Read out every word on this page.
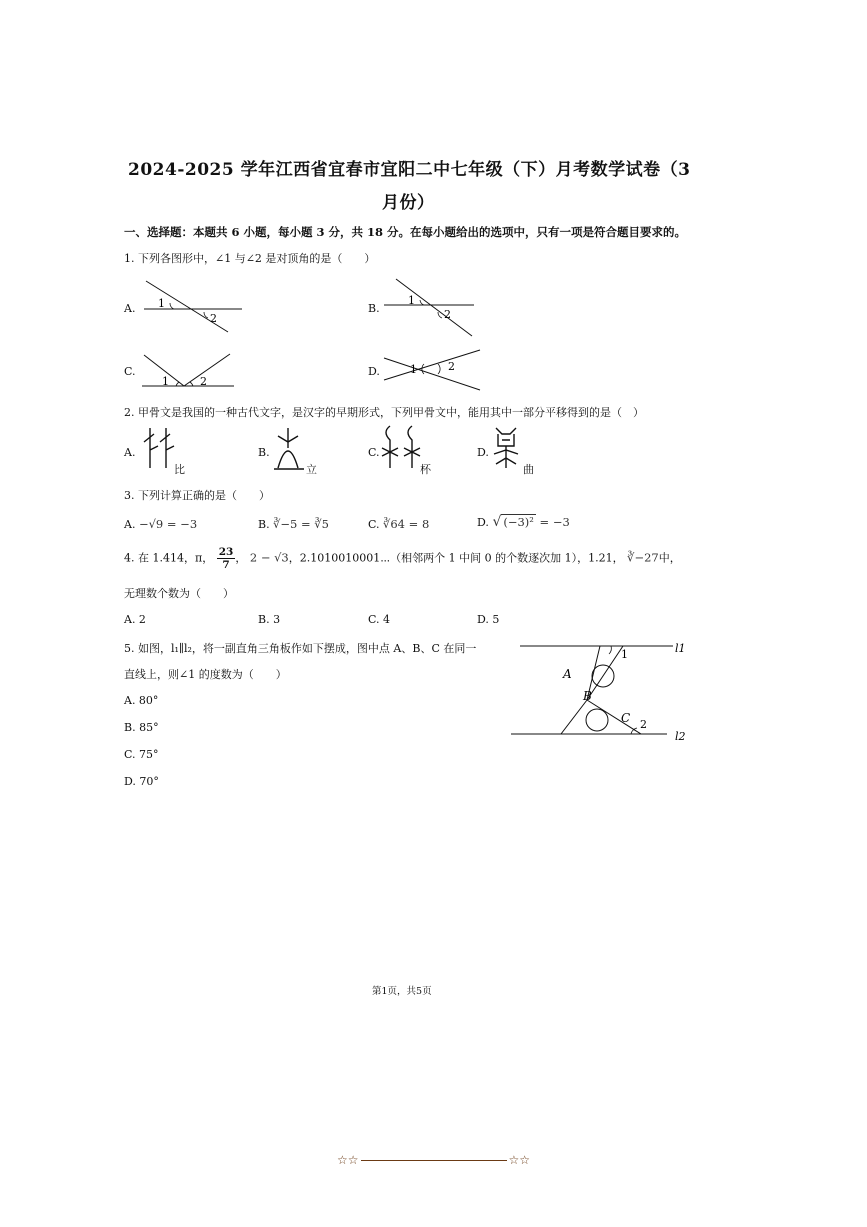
2024-2025 学年江西省宜春市宜阳二中七年级（下）月考数学试卷（3
月份）
一、选择题：本题共 6 小题，每小题 3 分，共 18 分。在每小题给出的选项中，只有一项是符合题目要求的。
1. 下列各图形中，∠1 与∠2 是对顶角的是（　　）
A. 1
2
B.
1
2
C.
1	2
D.	1	2
2. 甲骨文是我国的一种古代文字，是汉字的早期形式，下列甲骨文中，能用其中一部分平移得到的是（　）
A.
比
B.
立
C.
杯
D.
曲
3. 下列计算正确的是（　　）
A. −√9 = −3	B. ∛−5 = ∛5	C. ∛64 = 8	D. √ (−3)² = −3
4. 在 1.414，π， $\frac{23}{7}$ ， 2 − √3，2.1010010001⋯（相邻两个 1 中间 0 的个数逐次加 1），1.21， ∛−27中，
无理数个数为（　　）
A. 2	B. 3	C. 4	D. 5
5. 如图，l₁∥l₂，将一副直角三角板作如下摆成，图中点 A、B、C 在同一
直线上，则∠1 的度数为（　　）
A. 80°
B. 85°
C. 75°
D. 70°
1
2
A
B
C
l1
l2
第1页，共5页
☆☆	☆☆
